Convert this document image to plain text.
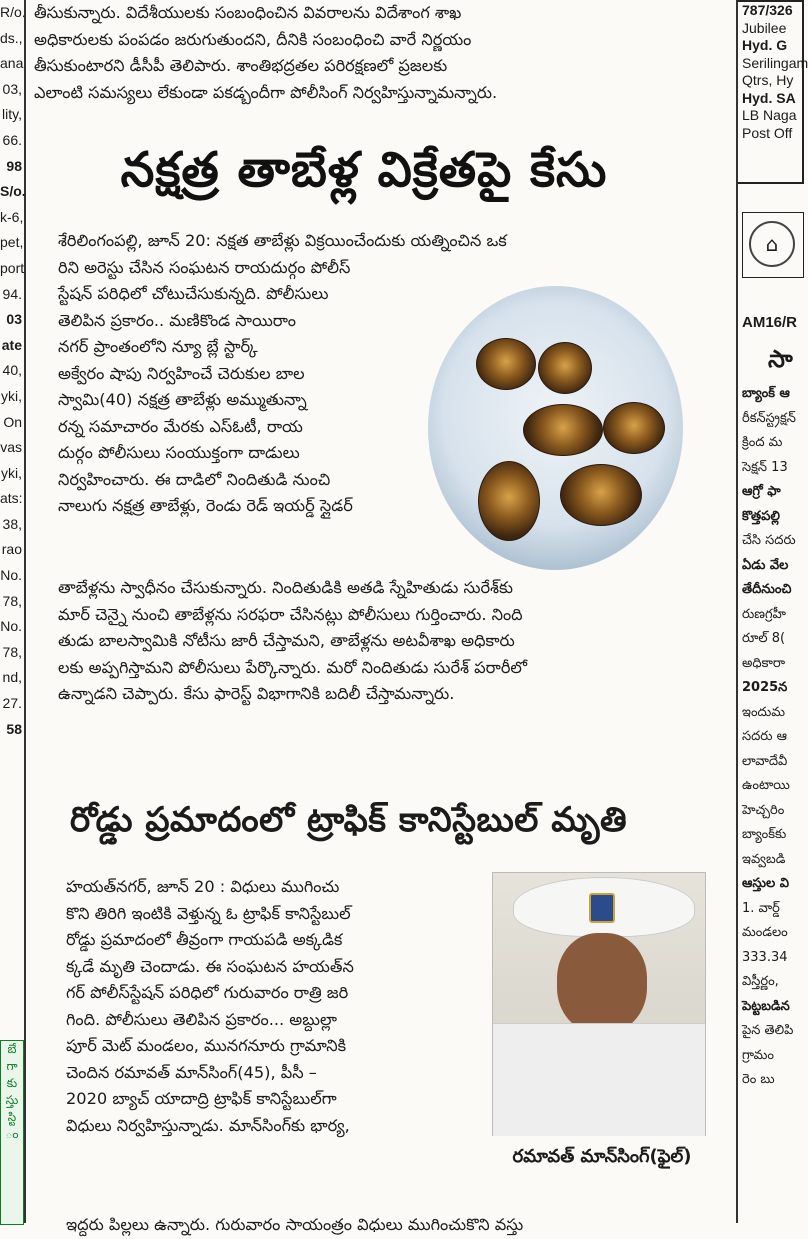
R/o.
ds.,
ana
03,
lity,
66.
98
S/o.
k-6,
pet,
port
94.
03
ate
40,
yki,
On
vas
yki,
ats:
38,
rao
No.
78,
No.
78,
nd,
27.
58
బే
గా
కు
స్తు
స్టి
ం
తీసుకున్నారు. విదేశీయులకు సంబంధించిన వివరాలను విదేశాంగ శాఖ
అధికారులకు పంపడం జరుగుతుందని, దీనికి సంబంధించి వారే నిర్ణయం
తీసుకుంటారని డీసీపీ తెలిపారు. శాంతిభద్రతల పరిరక్షణలో ప్రజలకు
ఎలాంటి సమస్యలు లేకుండా పకడ్బందీగా పోలీసింగ్ నిర్వహిస్తున్నామన్నారు.
నక్షత్ర తాబేళ్ల విక్రేతపై కేసు
శేరిలింగంపల్లి, జూన్ 20: నక్షత తాబేళ్లు విక్రయించేందుకు యత్నించిన ఒక
రిని అరెస్టు చేసిన సంఘటన రాయదుర్గం పోలీస్
స్టేషన్ పరిధిలో చోటుచేసుకున్నది. పోలీసులు
తెలిపిన ప్రకారం.. మణికొండ సాయిరాం
నగర్ ప్రాంతంలోని న్యూ బ్లే స్టార్క్
అక్వేరం షాపు నిర్వహించే చెరుకుల బాల
స్వామి(40) నక్షత్ర తాబేళ్లు అమ్ముతున్నా
రన్న సమాచారం మేరకు ఎస్ఓటీ, రాయ
దుర్గం పోలీసులు సంయుక్తంగా దాడులు
నిర్వహించారు. ఈ దాడిలో నిందితుడి నుంచి
నాలుగు నక్షత్ర తాబేళ్లు, రెండు రెడ్ ఇయర్డ్ స్లైడర్
తాబేళ్లను స్వాధీనం చేసుకున్నారు. నిందితుడికి అతడి స్నేహితుడు సురేశ్‌కు
మార్ చెన్నై నుంచి తాబేళ్లను సరఫరా చేసినట్లు పోలీసులు గుర్తించారు. నింది
తుడు బాలస్వామికి నోటీసు జారీ చేస్తామని, తాబేళ్లను అటవీశాఖ అధికారు
లకు అప్పగిస్తామని పోలీసులు పేర్కొన్నారు. మరో నిందితుడు సురేశ్ పరారీలో
ఉన్నాడని చెప్పారు. కేసు ఫారెస్ట్ విభాగానికి బదిలీ చేస్తామన్నారు.
రోడ్డు ప్రమాదంలో ట్రాఫిక్ కానిస్టేబుల్ మృతి
హయత్‌నగర్, జూన్ 20 : విధులు ముగించు
కొని తిరిగి ఇంటికి వెళ్తున్న ఓ ట్రాఫిక్ కానిస్టేబుల్
రోడ్డు ప్రమాదంలో తీవ్రంగా గాయపడి అక్కడిక
క్కడే మృతి చెందాడు. ఈ సంఘటన హయత్‌న
గర్ పోలీస్‌స్టేషన్ పరిధిలో గురువారం రాత్రి జరి
గింది. పోలీసులు తెలిపిన ప్రకారం... అబ్దుల్లా
పూర్ మెట్ మండలం, మునగనూరు గ్రామానికి
చెందిన రమావత్ మాన్‌సింగ్(45), పీసీ –
2020 బ్యాచ్ యాదాద్రి ట్రాఫిక్ కానిస్టేబుల్‌గా
విధులు నిర్వహిస్తున్నాడు. మాన్‌సింగ్‌కు భార్య,
రమావత్ మాన్‌సింగ్(ఫైల్)
ఇద్దరు పిల్లలు ఉన్నారు. గురువారం సాయంత్రం విధులు ముగించుకొని వస్తు
787/326
Jubilee
Hyd. G
Serilingam
Qtrs, Hy
Hyd. SA
LB Naga
Post Off
⌂
AM16/R
సా
బ్యాంక్ ఆ
రీకన్‌స్ట్రక్షన్
క్రింద మ
సెక్షన్ 13
ఆగ్రో ఫా
కొత్తపల్లి
చేసి సదరు
ఏడు వేల
తేదీనుంచి
రుణగ్రహీ
రూల్ 8(
అధికారా
2025న
ఇందుమ
సదరు ఆ
లావాదేవీ
ఉంటాయి
హెచ్చరిం
బ్యాంక్‌కు
ఇవ్వబడి
ఆస్తుల వి
1. వార్డ్
మండలం
333.34
విస్తీర్ణం,
పెట్టబడిన
పైన తెలిపి
గ్రామం
రెం బు
